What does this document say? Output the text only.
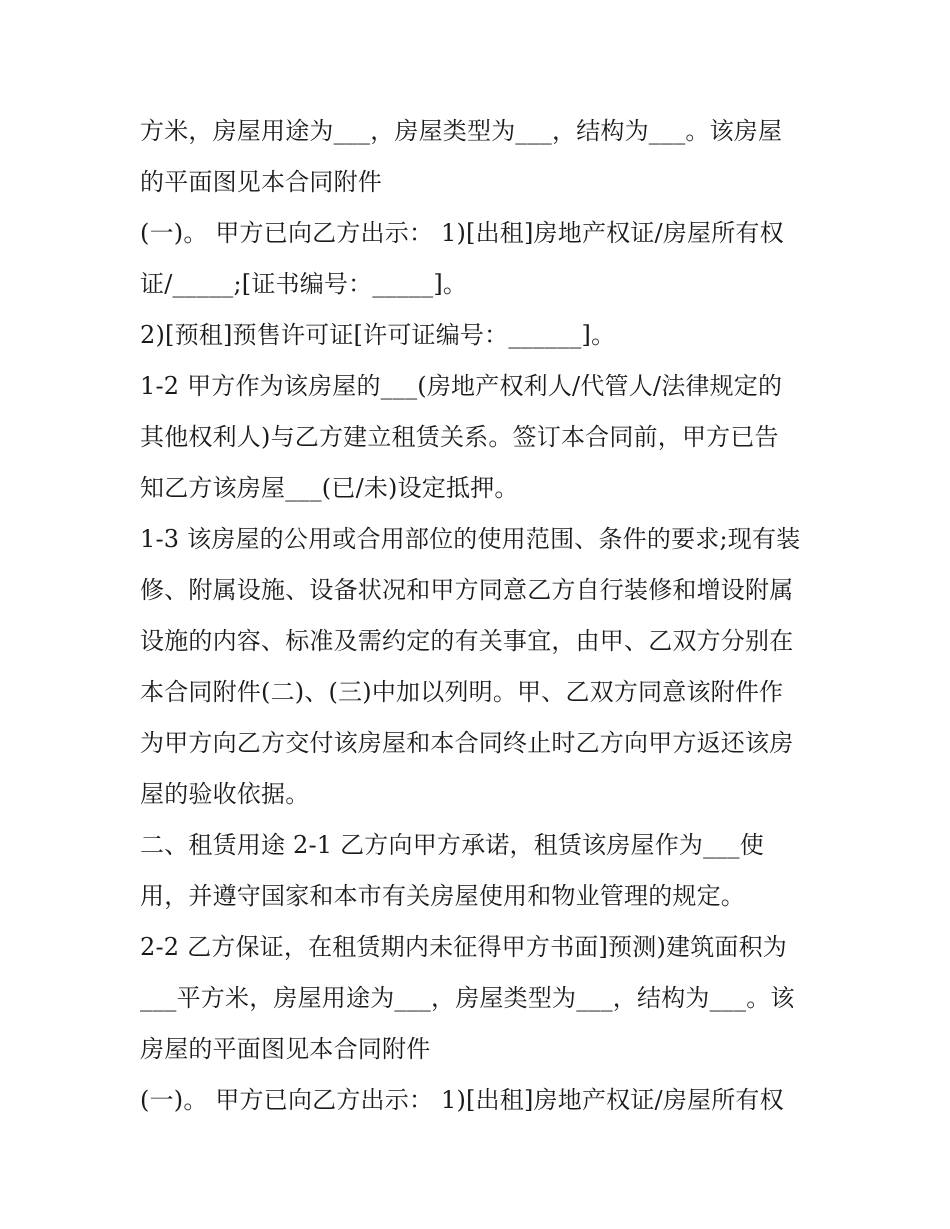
方米，房屋用途为___，房屋类型为___，结构为___。该房屋
的平面图见本合同附件
(一)。 甲方已向乙方出示： 1)[出租]房地产权证/房屋所有权
证/_____;[证书编号：_____]。
2)[预租]预售许可证[许可证编号：______]。
1-2 甲方作为该房屋的___(房地产权利人/代管人/法律规定的
其他权利人)与乙方建立租赁关系。签订本合同前，甲方已告
知乙方该房屋___(已/未)设定抵押。
1-3 该房屋的公用或合用部位的使用范围、条件的要求;现有装
修、附属设施、设备状况和甲方同意乙方自行装修和增设附属
设施的内容、标准及需约定的有关事宜，由甲、乙双方分别在
本合同附件(二)、(三)中加以列明。甲、乙双方同意该附件作
为甲方向乙方交付该房屋和本合同终止时乙方向甲方返还该房
屋的验收依据。
二、租赁用途 2-1 乙方向甲方承诺，租赁该房屋作为___使
用，并遵守国家和本市有关房屋使用和物业管理的规定。
2-2 乙方保证，在租赁期内未征得甲方书面]预测)建筑面积为
___平方米，房屋用途为___，房屋类型为___，结构为___。该
房屋的平面图见本合同附件
(一)。 甲方已向乙方出示： 1)[出租]房地产权证/房屋所有权
